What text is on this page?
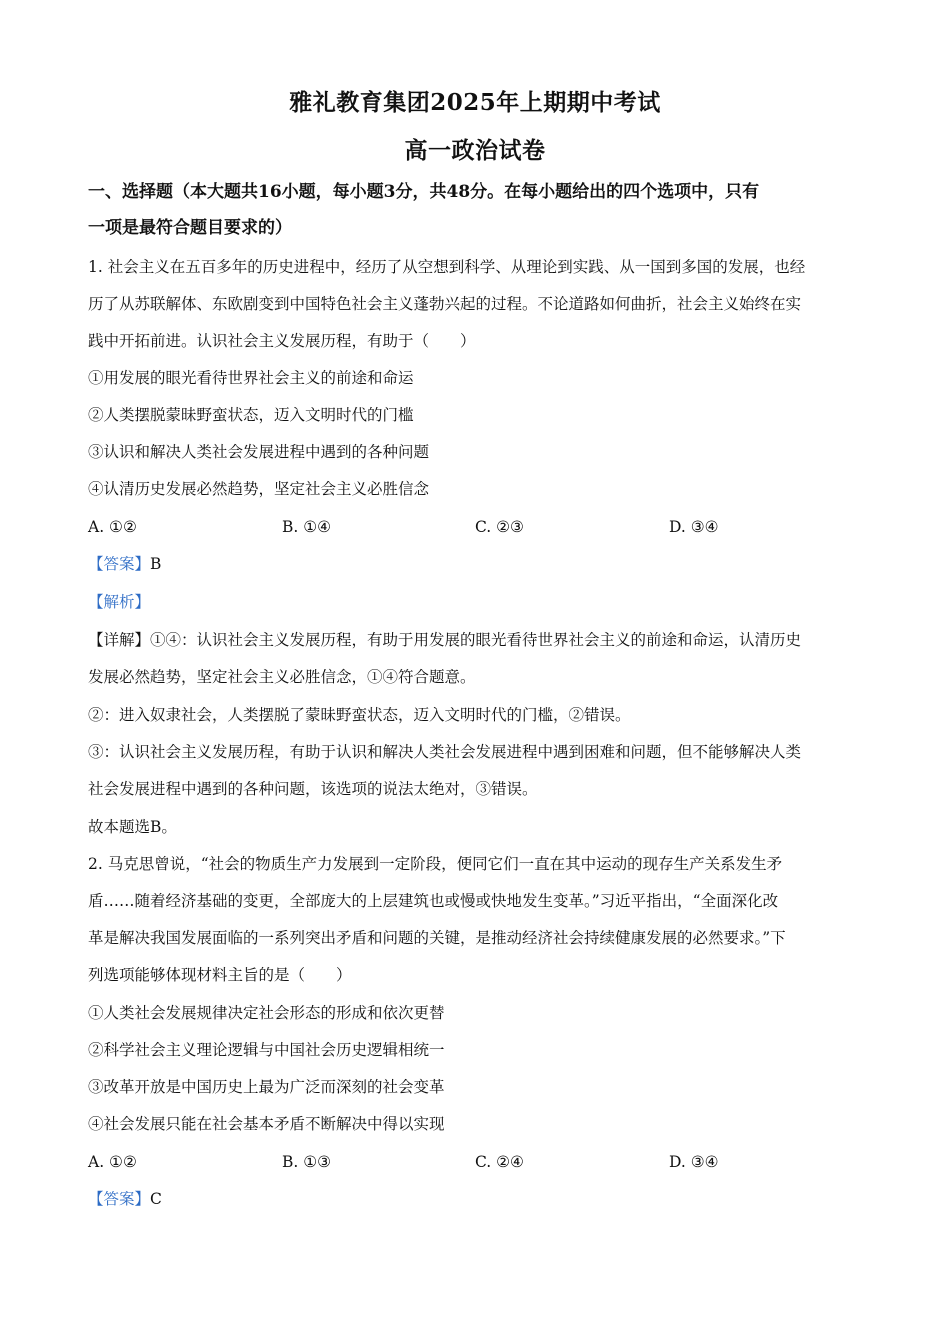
雅礼教育集团2025年上期期中考试
高一政治试卷
一、选择题（本大题共16小题，每小题3分，共48分。在每小题给出的四个选项中，只有
一项是最符合题目要求的）
1. 社会主义在五百多年的历史进程中，经历了从空想到科学、从理论到实践、从一国到多国的发展，也经
历了从苏联解体、东欧剧变到中国特色社会主义蓬勃兴起的过程。不论道路如何曲折，社会主义始终在实
践中开拓前进。认识社会主义发展历程，有助于（　　）
①用发展的眼光看待世界社会主义的前途和命运
②人类摆脱蒙昧野蛮状态，迈入文明时代的门槛
③认识和解决人类社会发展进程中遇到的各种问题
④认清历史发展必然趋势，坚定社会主义必胜信念
A. ①②	B. ①④	C. ②③	D. ③④
【答案】B
【解析】
【详解】①④：认识社会主义发展历程，有助于用发展的眼光看待世界社会主义的前途和命运，认清历史
发展必然趋势，坚定社会主义必胜信念，①④符合题意。
②：进入奴隶社会，人类摆脱了蒙昧野蛮状态，迈入文明时代的门槛，②错误。
③：认识社会主义发展历程，有助于认识和解决人类社会发展进程中遇到困难和问题，但不能够解决人类
社会发展进程中遇到的各种问题，该选项的说法太绝对，③错误。
故本题选B。
2. 马克思曾说，“社会的物质生产力发展到一定阶段，便同它们一直在其中运动的现存生产关系发生矛
盾……随着经济基础的变更，全部庞大的上层建筑也或慢或快地发生变革。”习近平指出，“全面深化改
革是解决我国发展面临的一系列突出矛盾和问题的关键，是推动经济社会持续健康发展的必然要求。”下
列选项能够体现材料主旨的是（　　）
①人类社会发展规律决定社会形态的形成和依次更替
②科学社会主义理论逻辑与中国社会历史逻辑相统一
③改革开放是中国历史上最为广泛而深刻的社会变革
④社会发展只能在社会基本矛盾不断解决中得以实现
A. ①②	B. ①③	C. ②④	D. ③④
【答案】C
